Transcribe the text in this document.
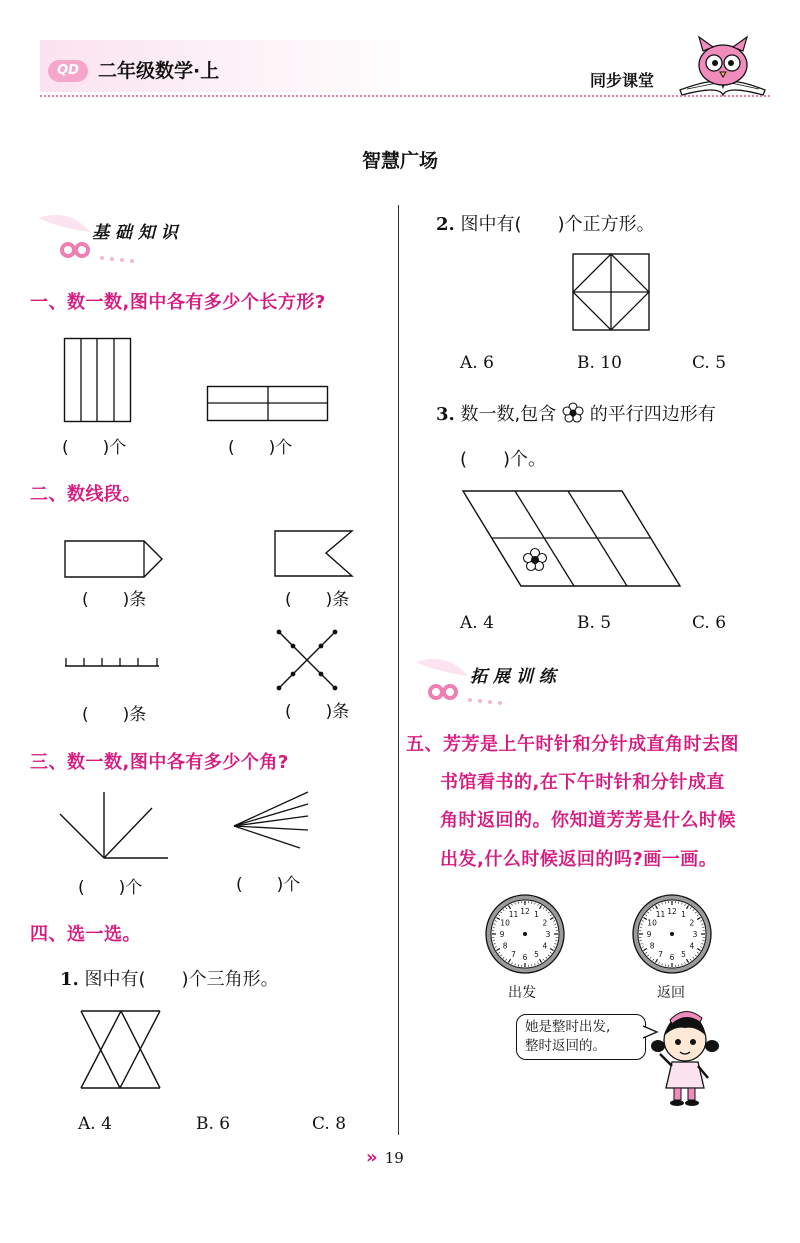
QD	二年级数学·上	同步课堂
智慧广场
基 础 知 识
一、数一数,图中各有多少个长方形?
(　　)个	(　　)个
二、数线段。
(　　)条	(　　)条
(　　)条	(　　)条
三、数一数,图中各有多少个角?
(　　)个	(　　)个
四、选一选。
1. 图中有(　　)个三角形。
A. 4	B. 6	C. 8
2. 图中有(　　)个正方形。
A. 6	B. 10	C. 5
3. 数一数,包含 的平行四边形有
(　　)个。
A. 4	B. 5	C. 6
拓 展 训 练
五、芳芳是上午时针和分针成直角时去图
书馆看书的,在下午时针和分针成直
角时返回的。你知道芳芳是什么时候
出发,什么时候返回的吗?画一画。
1
2
3
4
5
6
7
8
9
10
11 12	1
2
3
4
5
6
7
8
9
10
11 12
出发	返回
她是整时出发,
整时返回的。
» 19
